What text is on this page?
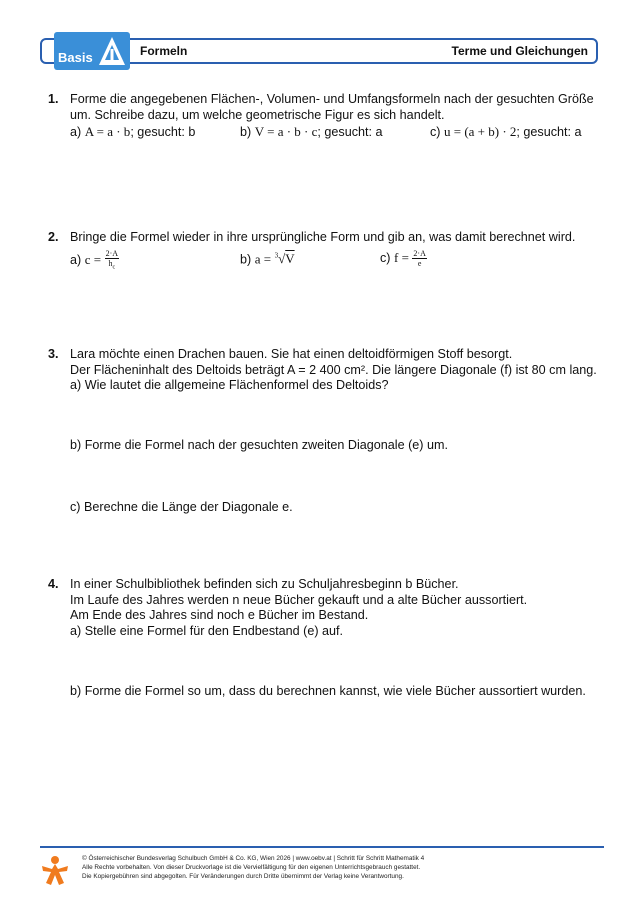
Basis	Formeln	Terme und Gleichungen
1. Forme die angegebenen Flächen-, Volumen- und Umfangsformeln nach der gesuchten Größe
um. Schreibe dazu, um welche geometrische Figur es sich handelt.
a) A = a · b; gesucht: b	b) V = a · b · c; gesucht: a	c) u = (a + b) · 2; gesucht: a
2. Bringe die Formel wieder in ihre ursprüngliche Form und gib an, was damit berechnet wird.
a) $c = \frac{2\cdot A}{h_c}$	b) a = $^3$√V	c) $f = \frac{2\cdot A}{e}$
3. Lara möchte einen Drachen bauen. Sie hat einen deltoidförmigen Stoff besorgt.
Der Flächeninhalt des Deltoids beträgt A = 2 400 cm². Die längere Diagonale (f) ist 80 cm lang.
a) Wie lautet die allgemeine Flächenformel des Deltoids?
b) Forme die Formel nach der gesuchten zweiten Diagonale (e) um.
c) Berechne die Länge der Diagonale e.
4. In einer Schulbibliothek befinden sich zu Schuljahresbeginn b Bücher.
Im Laufe des Jahres werden n neue Bücher gekauft und a alte Bücher aussortiert.
Am Ende des Jahres sind noch e Bücher im Bestand.
a) Stelle eine Formel für den Endbestand (e) auf.
b) Forme die Formel so um, dass du berechnen kannst, wie viele Bücher aussortiert wurden.
© Österreichischer Bundesverlag Schulbuch GmbH & Co. KG, Wien 2026 | www.oebv.at | Schritt für Schritt Mathematik 4
Alle Rechte vorbehalten. Von dieser Druckvorlage ist die Vervielfältigung für den eigenen Unterrichtsgebrauch gestattet.
Die Kopiergebühren sind abgegolten. Für Veränderungen durch Dritte übernimmt der Verlag keine Verantwortung.
